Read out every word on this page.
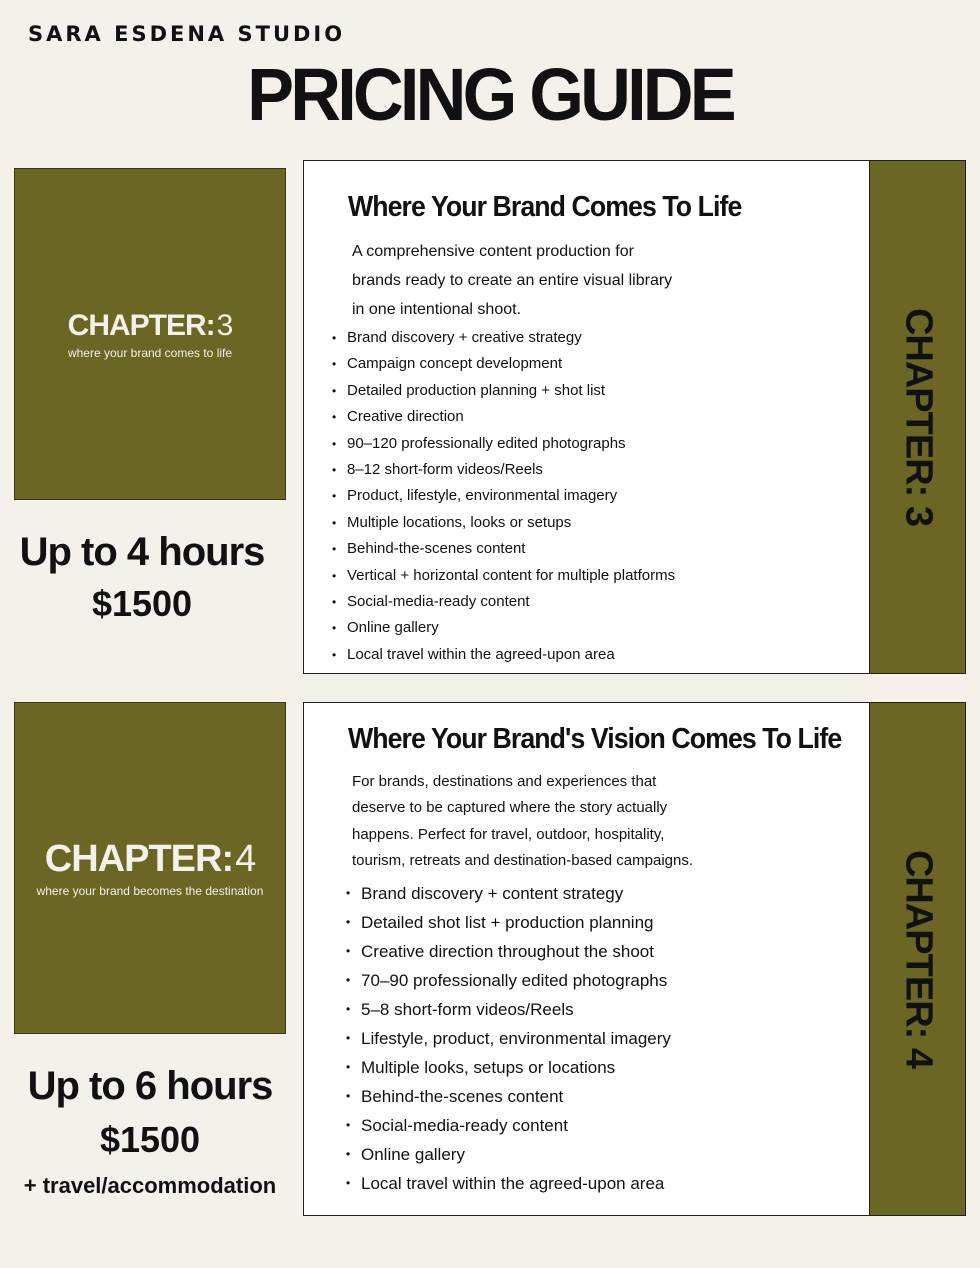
SARA ESDENA STUDIO
PRICING GUIDE
CHAPTER:3
where your brand comes to life
Up to 4 hours
$1500
Where Your Brand Comes To Life
A comprehensive content production for
brands ready to create an entire visual library
in one intentional shoot.
• Brand discovery + creative strategy
• Campaign concept development
• Detailed production planning + shot list
• Creative direction
• 90–120 professionally edited photographs
• 8–12 short-form videos/Reels
• Product, lifestyle, environmental imagery
• Multiple locations, looks or setups
• Behind-the-scenes content
• Vertical + horizontal content for multiple platforms
• Social-media-ready content
• Online gallery
• Local travel within the agreed-upon area
CHAPTER: 3
CHAPTER:4
where your brand becomes the destination
Up to 6 hours
$1500
+ travel/accommodation
Where Your Brand's Vision Comes To Life
For brands, destinations and experiences that
deserve to be captured where the story actually
happens. Perfect for travel, outdoor, hospitality,
tourism, retreats and destination-based campaigns.
• Brand discovery + content strategy
• Detailed shot list + production planning
• Creative direction throughout the shoot
• 70–90 professionally edited photographs
• 5–8 short-form videos/Reels
• Lifestyle, product, environmental imagery
• Multiple looks, setups or locations
• Behind-the-scenes content
• Social-media-ready content
• Online gallery
• Local travel within the agreed-upon area
CHAPTER: 4
